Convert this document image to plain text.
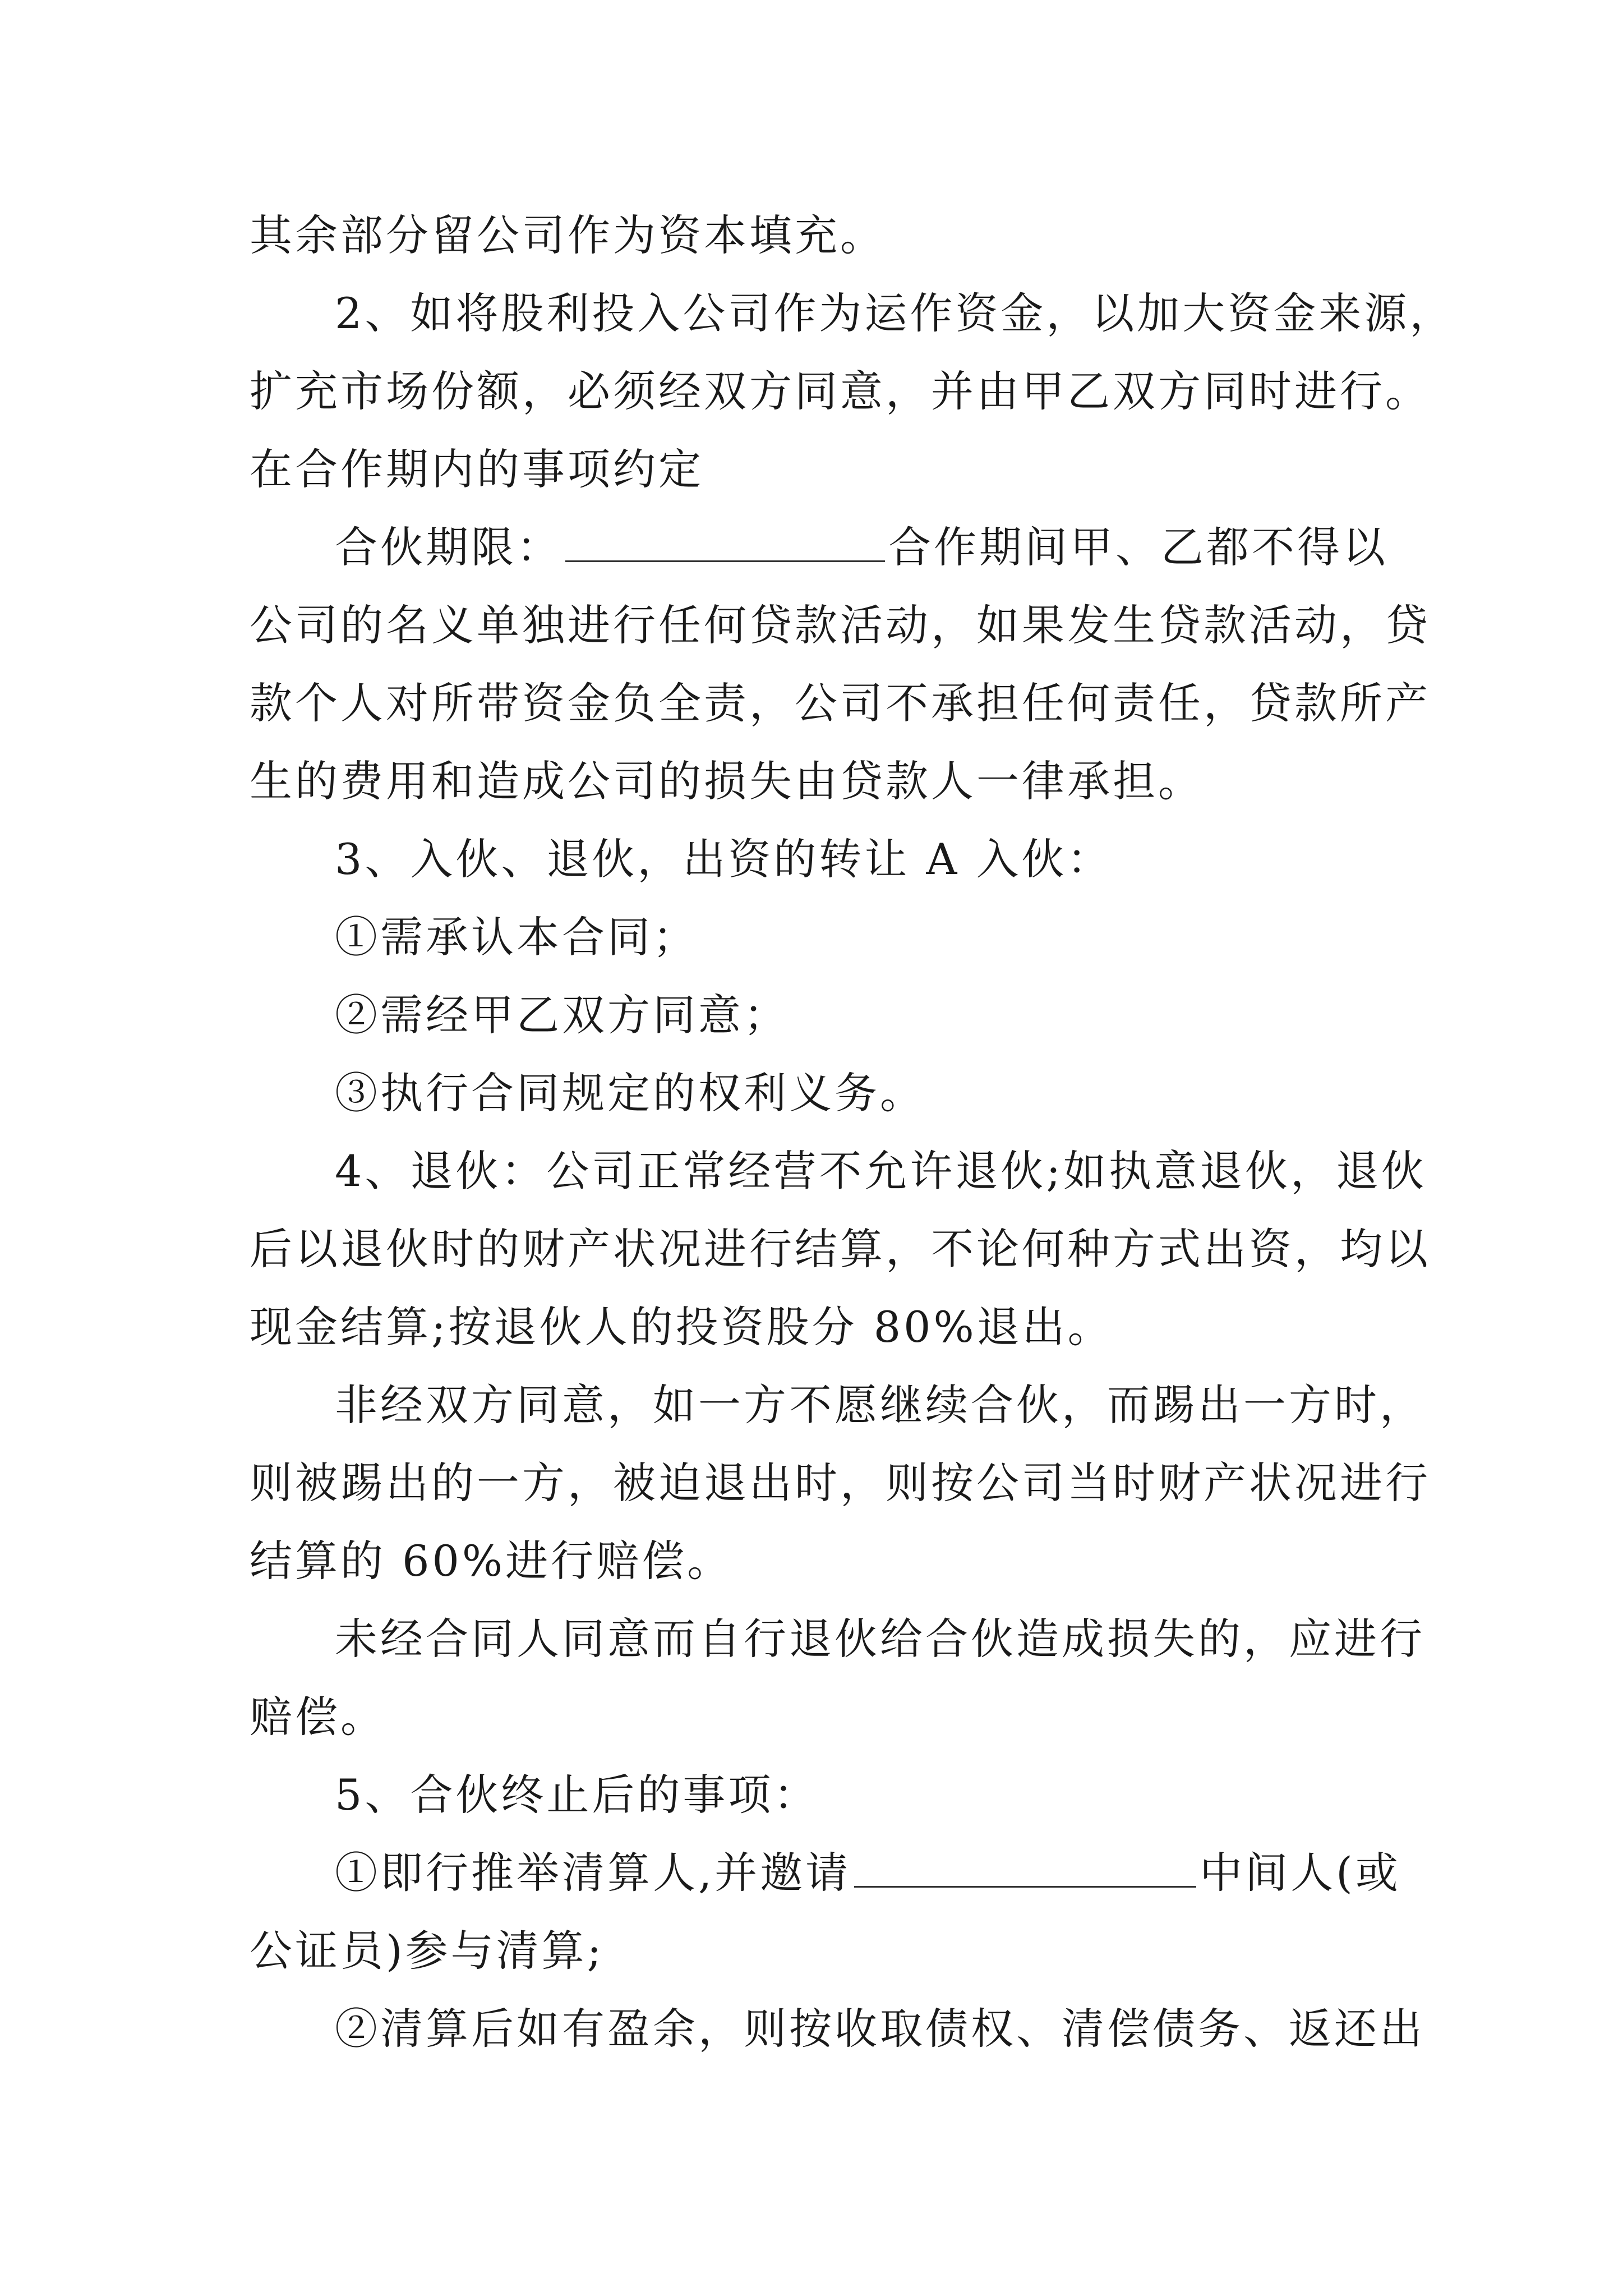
其余部分留公司作为资本填充。
2、如将股利投入公司作为运作资金，以加大资金来源，
扩充市场份额，必须经双方同意，并由甲乙双方同时进行。
在合作期内的事项约定
合伙期限：	合作期间甲、乙都不得以
公司的名义单独进行任何贷款活动，如果发生贷款活动，贷
款个人对所带资金负全责，公司不承担任何责任，贷款所产
生的费用和造成公司的损失由贷款人一律承担。
3、入伙、退伙，出资的转让 A 入伙：
①需承认本合同；
②需经甲乙双方同意；
③执行合同规定的权利义务。
4、退伙：公司正常经营不允许退伙;如执意退伙，退伙
后以退伙时的财产状况进行结算，不论何种方式出资，均以
现金结算;按退伙人的投资股分 80%退出。
非经双方同意，如一方不愿继续合伙，而踢出一方时，
则被踢出的一方，被迫退出时，则按公司当时财产状况进行
结算的 60%进行赔偿。
未经合同人同意而自行退伙给合伙造成损失的，应进行
赔偿。
5、合伙终止后的事项：
①即行推举清算人,并邀请	中间人(或
公证员)参与清算;
②清算后如有盈余，则按收取债权、清偿债务、返还出
